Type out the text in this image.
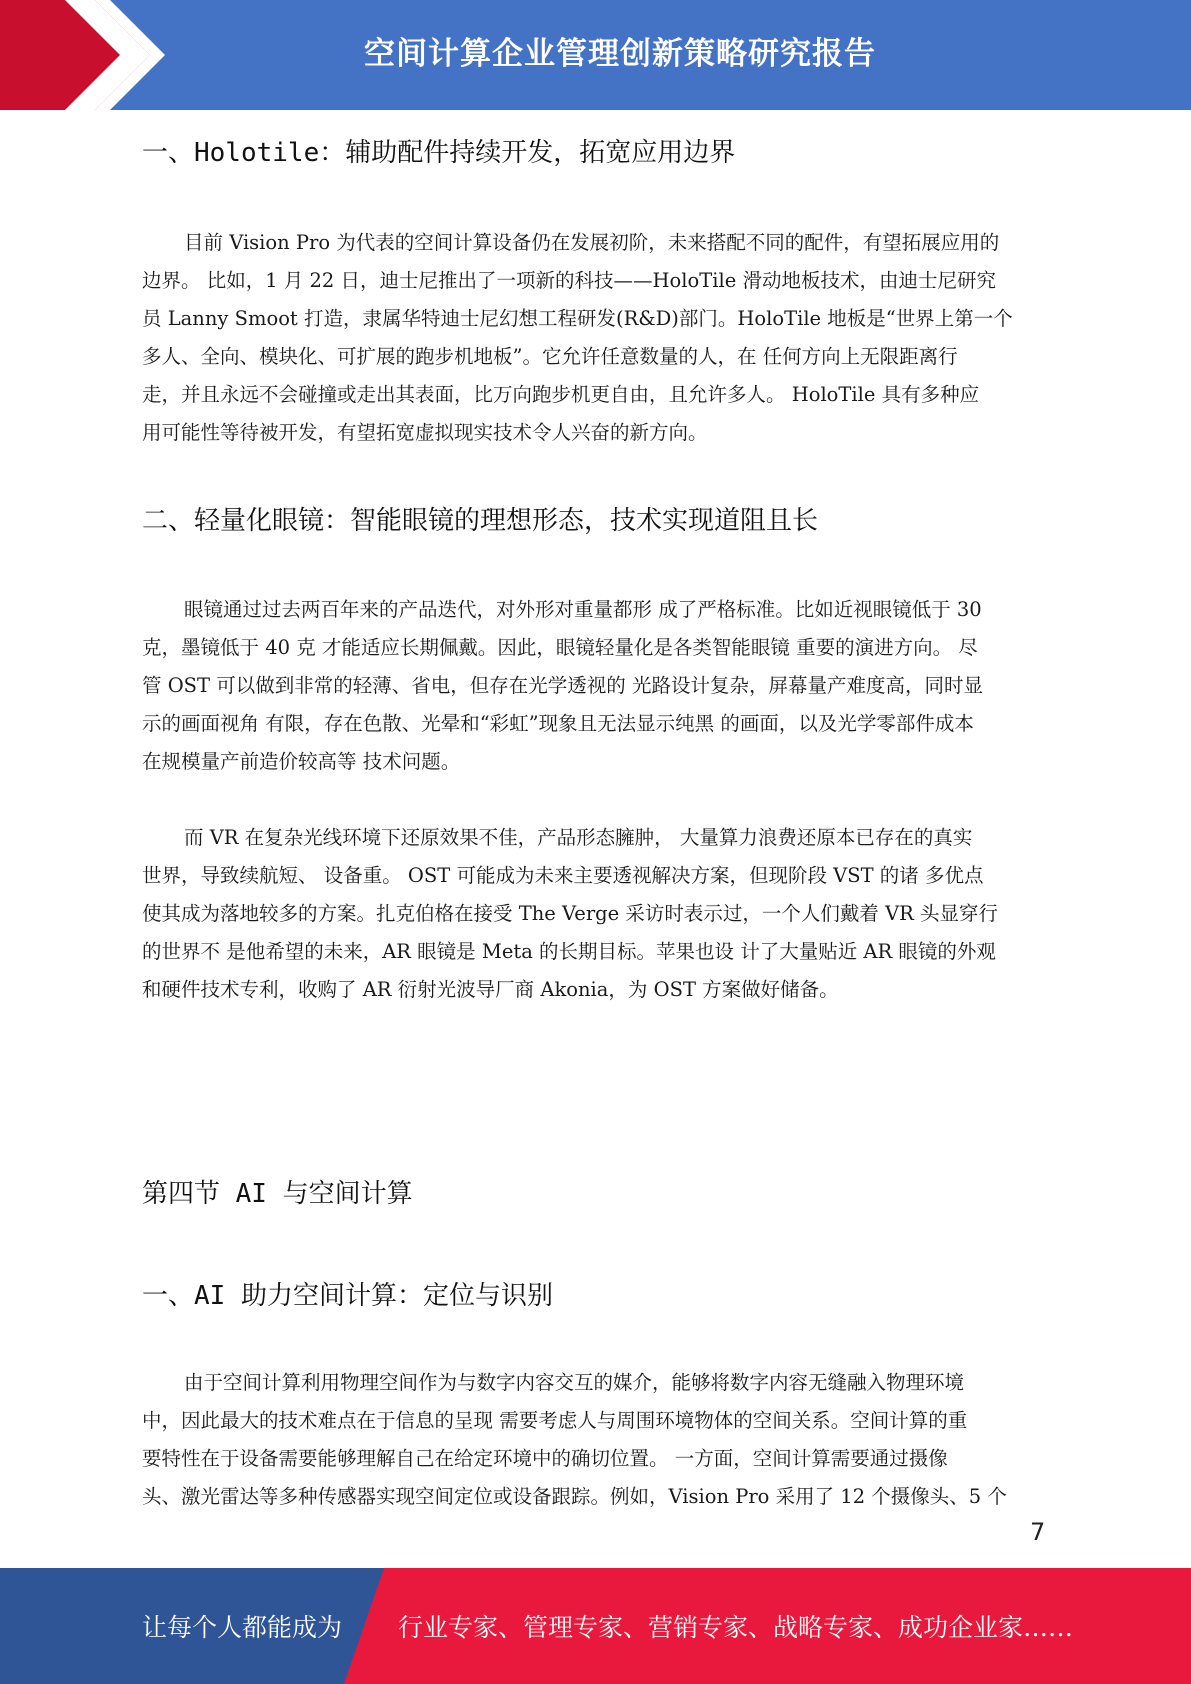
空间计算企业管理创新策略研究报告
一、Holotile：辅助配件持续开发，拓宽应用边界
目前 Vision Pro 为代表的空间计算设备仍在发展初阶，未来搭配不同的配件，有望拓展应用的
边界。 比如，1 月 22 日，迪士尼推出了一项新的科技——HoloTile 滑动地板技术，由迪士尼研究
员 Lanny Smoot 打造，隶属华特迪士尼幻想工程研发(R&D)部门。HoloTile 地板是“世界上第一个
多人、全向、模块化、可扩展的跑步机地板”。它允许任意数量的人，在 任何方向上无限距离行
走，并且永远不会碰撞或走出其表面，比万向跑步机更自由，且允许多人。 HoloTile 具有多种应
用可能性等待被开发，有望拓宽虚拟现实技术令人兴奋的新方向。
二、轻量化眼镜：智能眼镜的理想形态，技术实现道阻且长
眼镜通过过去两百年来的产品迭代，对外形对重量都形 成了严格标准。比如近视眼镜低于 30
克，墨镜低于 40 克 才能适应长期佩戴。因此，眼镜轻量化是各类智能眼镜 重要的演进方向。 尽
管 OST 可以做到非常的轻薄、省电，但存在光学透视的 光路设计复杂，屏幕量产难度高，同时显
示的画面视角 有限，存在色散、光晕和“彩虹”现象且无法显示纯黑 的画面，以及光学零部件成本
在规模量产前造价较高等 技术问题。
而 VR 在复杂光线环境下还原效果不佳，产品形态臃肿， 大量算力浪费还原本已存在的真实
世界，导致续航短、 设备重。 OST 可能成为未来主要透视解决方案，但现阶段 VST 的诸 多优点
使其成为落地较多的方案。扎克伯格在接受 The Verge 采访时表示过，一个人们戴着 VR 头显穿行
的世界不 是他希望的未来，AR 眼镜是 Meta 的长期目标。苹果也设 计了大量贴近 AR 眼镜的外观
和硬件技术专利，收购了 AR 衍射光波导厂商 Akonia，为 OST 方案做好储备。
第四节 AI 与空间计算
一、AI 助力空间计算：定位与识别
由于空间计算利用物理空间作为与数字内容交互的媒介，能够将数字内容无缝融入物理环境
中，因此最大的技术难点在于信息的呈现 需要考虑人与周围环境物体的空间关系。空间计算的重
要特性在于设备需要能够理解自己在给定环境中的确切位置。 一方面，空间计算需要通过摄像
头、激光雷达等多种传感器实现空间定位或设备跟踪。例如，Vision Pro 采用了 12 个摄像头、5 个
7
让每个人都能成为 行业专家、管理专家、营销专家、战略专家、成功企业家……
